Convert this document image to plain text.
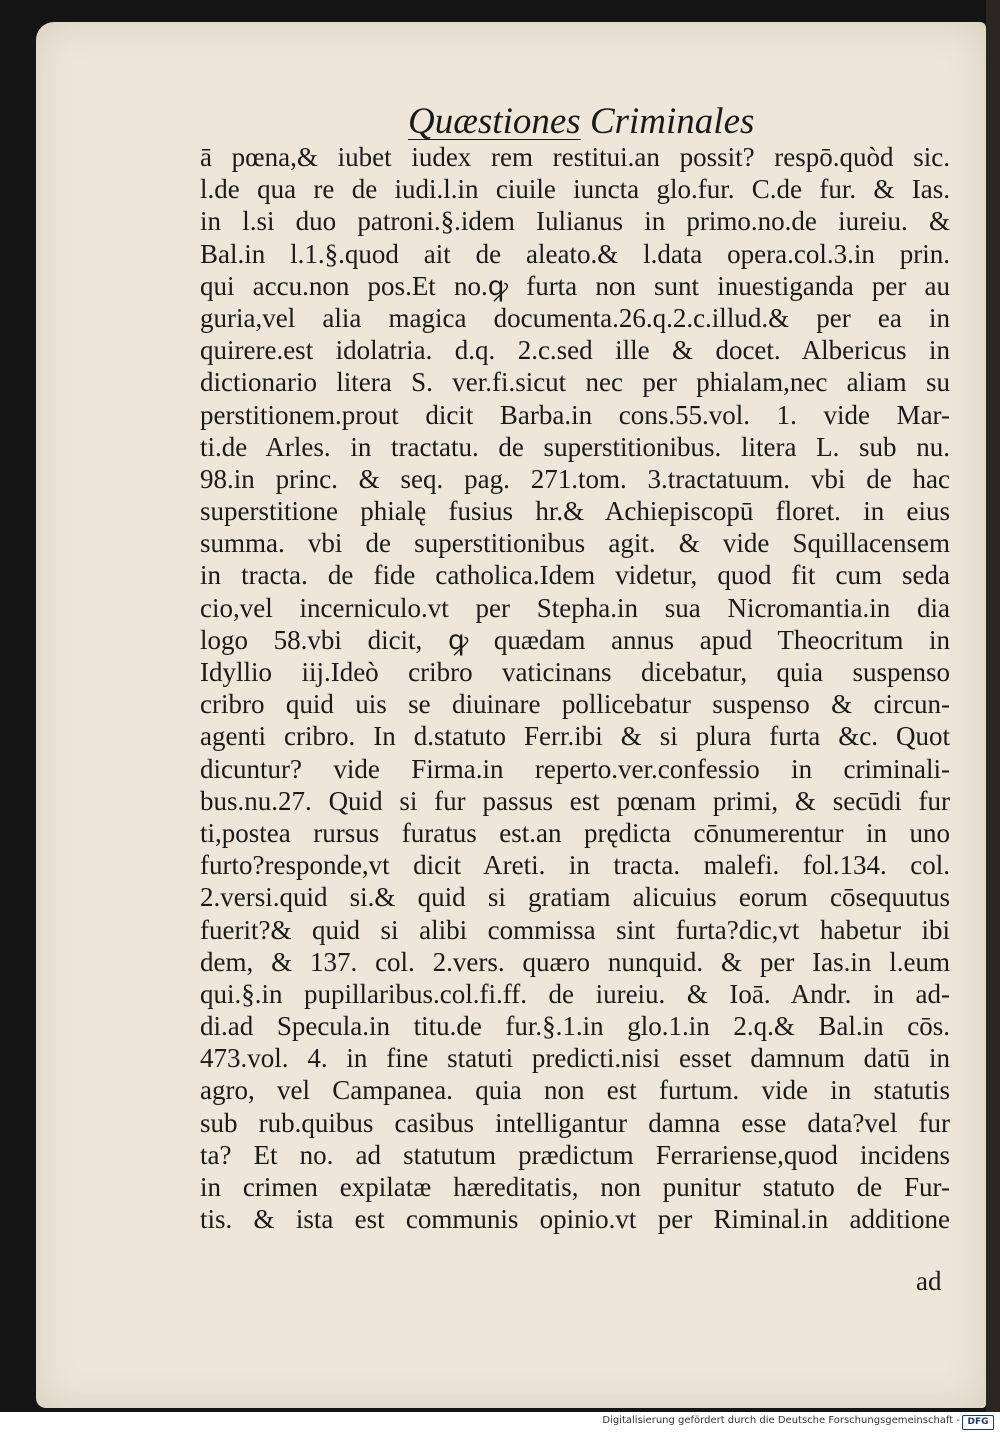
Quæstiones Criminales
ā pœna,& iubet iudex rem restitui.an possit? respō.quòd sic.
l.de qua re de iudi.l.in ciuile iuncta glo.fur. C.de fur. & Ias.
in l.si duo patroni.§.idem Iulianus in primo.no.de iureiu. &
Bal.in l.1.§.quod ait de aleato.& l.data opera.col.3.in prin.
qui accu.non pos.Et no.ꝙ furta non sunt inuestiganda per au
guria,vel alia magica documenta.26.q.2.c.illud.& per ea in
quirere.est idolatria. d.q. 2.c.sed ille & docet. Albericus in
dictionario litera S. ver.fi.sicut nec per phialam,nec aliam su
perstitionem.prout dicit Barba.in cons.55.vol. 1. vide Mar-
ti.de Arles. in tractatu. de superstitionibus. litera L. sub nu.
98.in princ. & seq. pag. 271.tom. 3.tractatuum. vbi de hac
superstitione phialę fusius hr.& Achiepiscopū floret. in eius
summa. vbi de superstitionibus agit. & vide Squillacensem
in tracta. de fide catholica.Idem videtur, quod fit cum seda
cio,vel incerniculo.vt per Stepha.in sua Nicromantia.in dia
logo 58.vbi dicit, ꝙ quædam annus apud Theocritum in
Idyllio iij.Ideò cribro vaticinans dicebatur, quia suspenso
cribro quid uis se diuinare pollicebatur suspenso & circun-
agenti cribro. In d.statuto Ferr.ibi & si plura furta &c. Quot
dicuntur? vide Firma.in reperto.ver.confessio in criminali-
bus.nu.27. Quid si fur passus est pœnam primi, & secūdi fur
ti,postea rursus furatus est.an prędicta cōnumerentur in uno
furto?responde,vt dicit Areti. in tracta. malefi. fol.134. col.
2.versi.quid si.& quid si gratiam alicuius eorum cōsequutus
fuerit?& quid si alibi commissa sint furta?dic,vt habetur ibi
dem, & 137. col. 2.vers. quæro nunquid. & per Ias.in l.eum
qui.§.in pupillaribus.col.fi.ff. de iureiu. & Ioā. Andr. in ad-
di.ad Specula.in titu.de fur.§.1.in glo.1.in 2.q.& Bal.in cōs.
473.vol. 4. in fine statuti predicti.nisi esset damnum datū in
agro, vel Campanea. quia non est furtum. vide in statutis
sub rub.quibus casibus intelligantur damna esse data?vel fur
ta? Et no. ad statutum prædictum Ferrariense,quod incidens
in crimen expilatæ hæreditatis, non punitur statuto de Fur-
tis. & ista est communis opinio.vt per Riminal.in additione
ad
Digitalisierung gefördert durch die Deutsche Forschungsgemeinschaft - DFG
